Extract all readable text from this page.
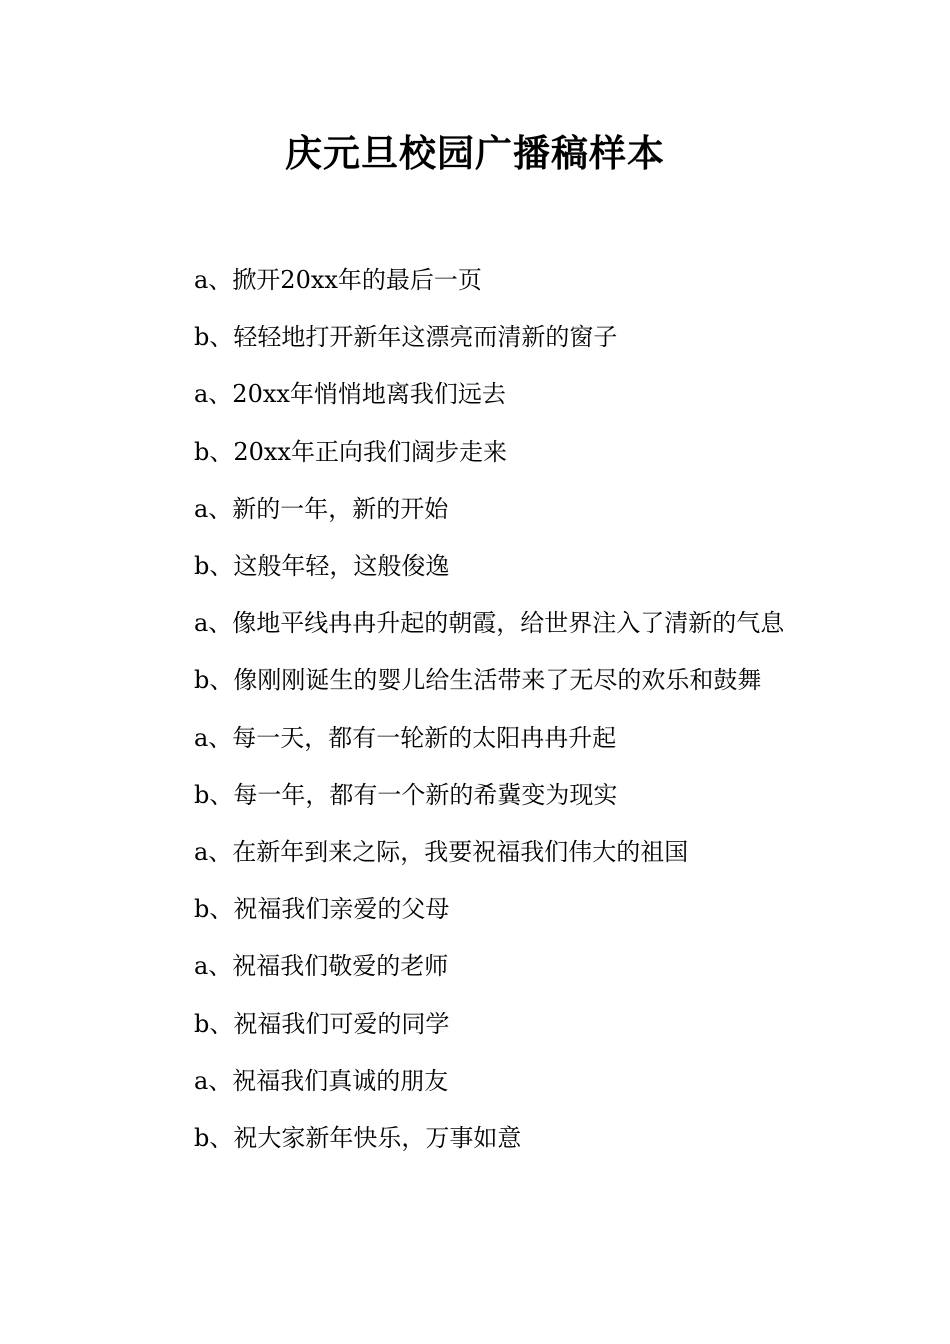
庆元旦校园广播稿样本

a、掀开20xx年的最后一页

b、轻轻地打开新年这漂亮而清新的窗子

a、20xx年悄悄地离我们远去

b、20xx年正向我们阔步走来

a、新的一年，新的开始

b、这般年轻，这般俊逸

a、像地平线冉冉升起的朝霞，给世界注入了清新的气息

b、像刚刚诞生的婴儿给生活带来了无尽的欢乐和鼓舞

a、每一天，都有一轮新的太阳冉冉升起

b、每一年，都有一个新的希冀变为现实

a、在新年到来之际，我要祝福我们伟大的祖国

b、祝福我们亲爱的父母

a、祝福我们敬爱的老师

b、祝福我们可爱的同学

a、祝福我们真诚的朋友

b、祝大家新年快乐，万事如意
